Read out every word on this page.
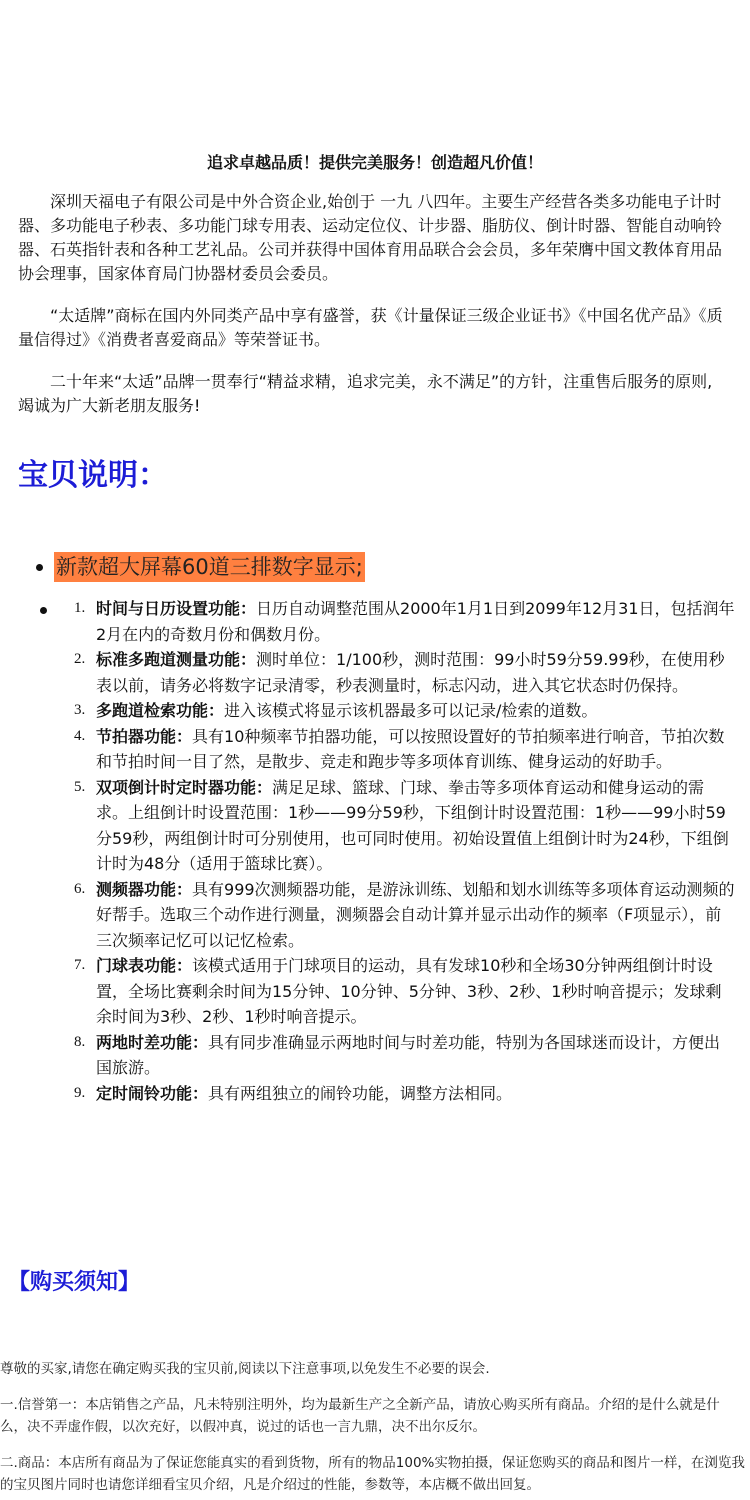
追求卓越品质！提供完美服务！创造超凡价值！

深圳天福电子有限公司是中外合资企业,始创于 一九 八四年。主要生产经营各类多功能电子计时器、多功能电子秒表、多功能门球专用表、运动定位仪、计步器、脂肪仪、倒计时器、智能自动响铃器、石英指针表和各种工艺礼品。公司并获得中国体育用品联合会会员，多年荣膺中国文教体育用品协会理事，国家体育局门协器材委员会委员。

“太适牌”商标在国内外同类产品中享有盛誉，获《计量保证三级企业证书》《中国名优产品》《质量信得过》《消费者喜爱商品》等荣誉证书。

二十年来“太适”品牌一贯奉行“精益求精，追求完美，永不满足”的方针，注重售后服务的原则, 竭诚为广大新老朋友服务!

宝贝说明：
新款超大屏幕60道三排数字显示;
1. 时间与日历设置功能：日历自动调整范围从2000年1月1日到2099年12月31日，包括润年2月在内的奇数月份和偶数月份。
2. 标准多跑道测量功能：测时单位：1/100秒，测时范围：99小时59分59.99秒，在使用秒表以前，请务必将数字记录清零，秒表测量时，标志闪动，进入其它状态时仍保持。
3. 多跑道检索功能：进入该模式将显示该机器最多可以记录/检索的道数。
4. 节拍器功能：具有10种频率节拍器功能，可以按照设置好的节拍频率进行响音，节拍次数和节拍时间一目了然，是散步、竞走和跑步等多项体育训练、健身运动的好助手。
5. 双项倒计时定时器功能：满足足球、篮球、门球、拳击等多项体育运动和健身运动的需求。上组倒计时设置范围：1秒——99分59秒，下组倒计时设置范围：1秒——99小时59分59秒，两组倒计时可分别使用，也可同时使用。初始设置值上组倒计时为24秒，下组倒计时为48分（适用于篮球比赛）。
6. 测频器功能：具有999次测频器功能，是游泳训练、划船和划水训练等多项体育运动测频的好帮手。选取三个动作进行测量，测频器会自动计算并显示出动作的频率（F项显示），前三次频率记忆可以记忆检索。
7. 门球表功能：该模式适用于门球项目的运动，具有发球10秒和全场30分钟两组倒计时设置，全场比赛剩余时间为15分钟、10分钟、5分钟、3秒、2秒、1秒时响音提示；发球剩余时间为3秒、2秒、1秒时响音提示。
8. 两地时差功能：具有同步准确显示两地时间与时差功能，特别为各国球迷而设计，方便出国旅游。
9. 定时闹铃功能：具有两组独立的闹铃功能，调整方法相同。
【购买须知】

尊敬的买家,请您在确定购买我的宝贝前,阅读以下注意事项,以免发生不必要的误会.

一.信誉第一：本店销售之产品，凡未特别注明外，均为最新生产之全新产品，请放心购买所有商品。介绍的是什么就是什么，决不弄虚作假，以次充好，以假冲真，说过的话也一言九鼎，决不出尔反尔。

二.商品：本店所有商品为了保证您能真实的看到货物，所有的物品100%实物拍摄，保证您购买的商品和图片一样，在浏览我的宝贝图片同时也请您详细看宝贝介绍，凡是介绍过的性能，参数等，本店概不做出回复。
